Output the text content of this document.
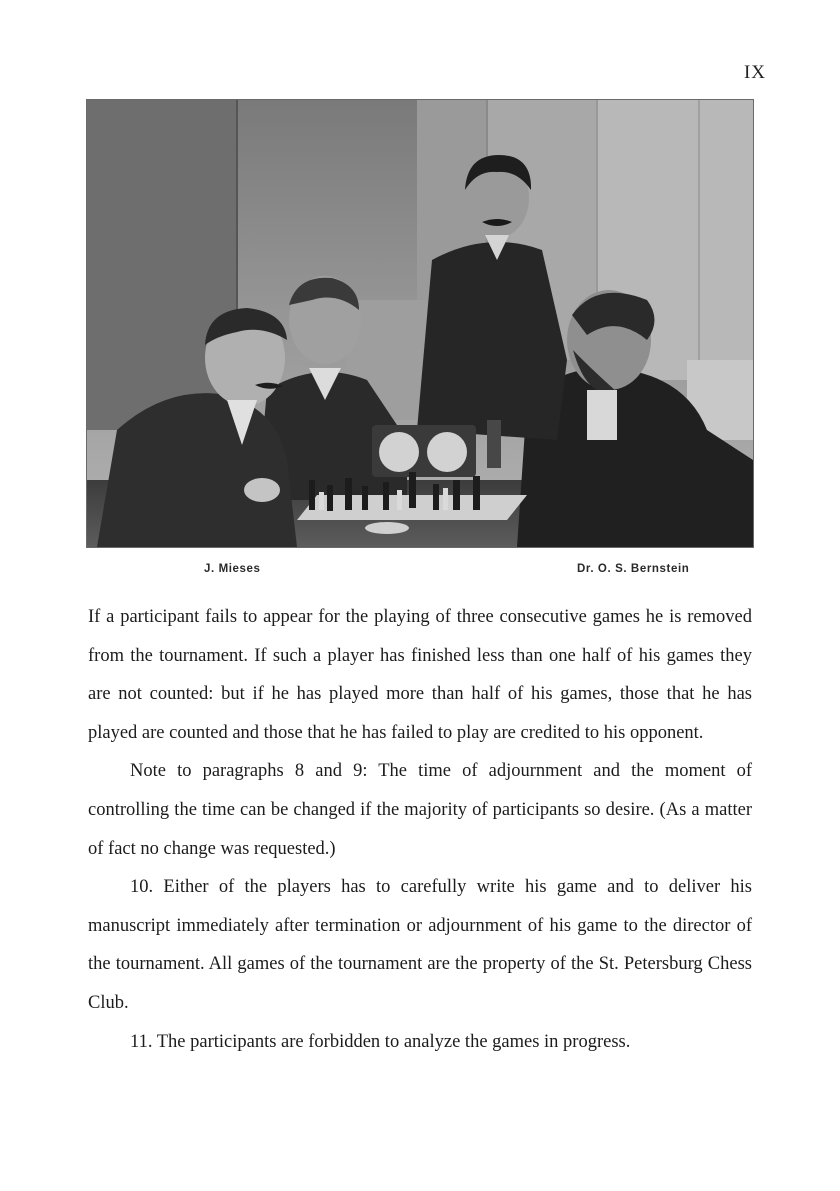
IX
J. Mieses	Dr. O. S. Bernstein

If a participant fails to appear for the playing of three consecutive games he is removed from the tournament. If such a player has finished less than one half of his games they are not counted: but if he has played more than half of his games, those that he has played are counted and those that he has failed to play are credited to his opponent.

Note to paragraphs 8 and 9: The time of adjournment and the moment of controlling the time can be changed if the majority of participants so desire. (As a matter of fact no change was requested.)

10. Either of the players has to carefully write his game and to deliver his manuscript immediately after termination or adjournment of his game to the director of the tournament. All games of the tournament are the property of the St. Petersburg Chess Club.

11. The participants are forbidden to analyze the games in progress.
